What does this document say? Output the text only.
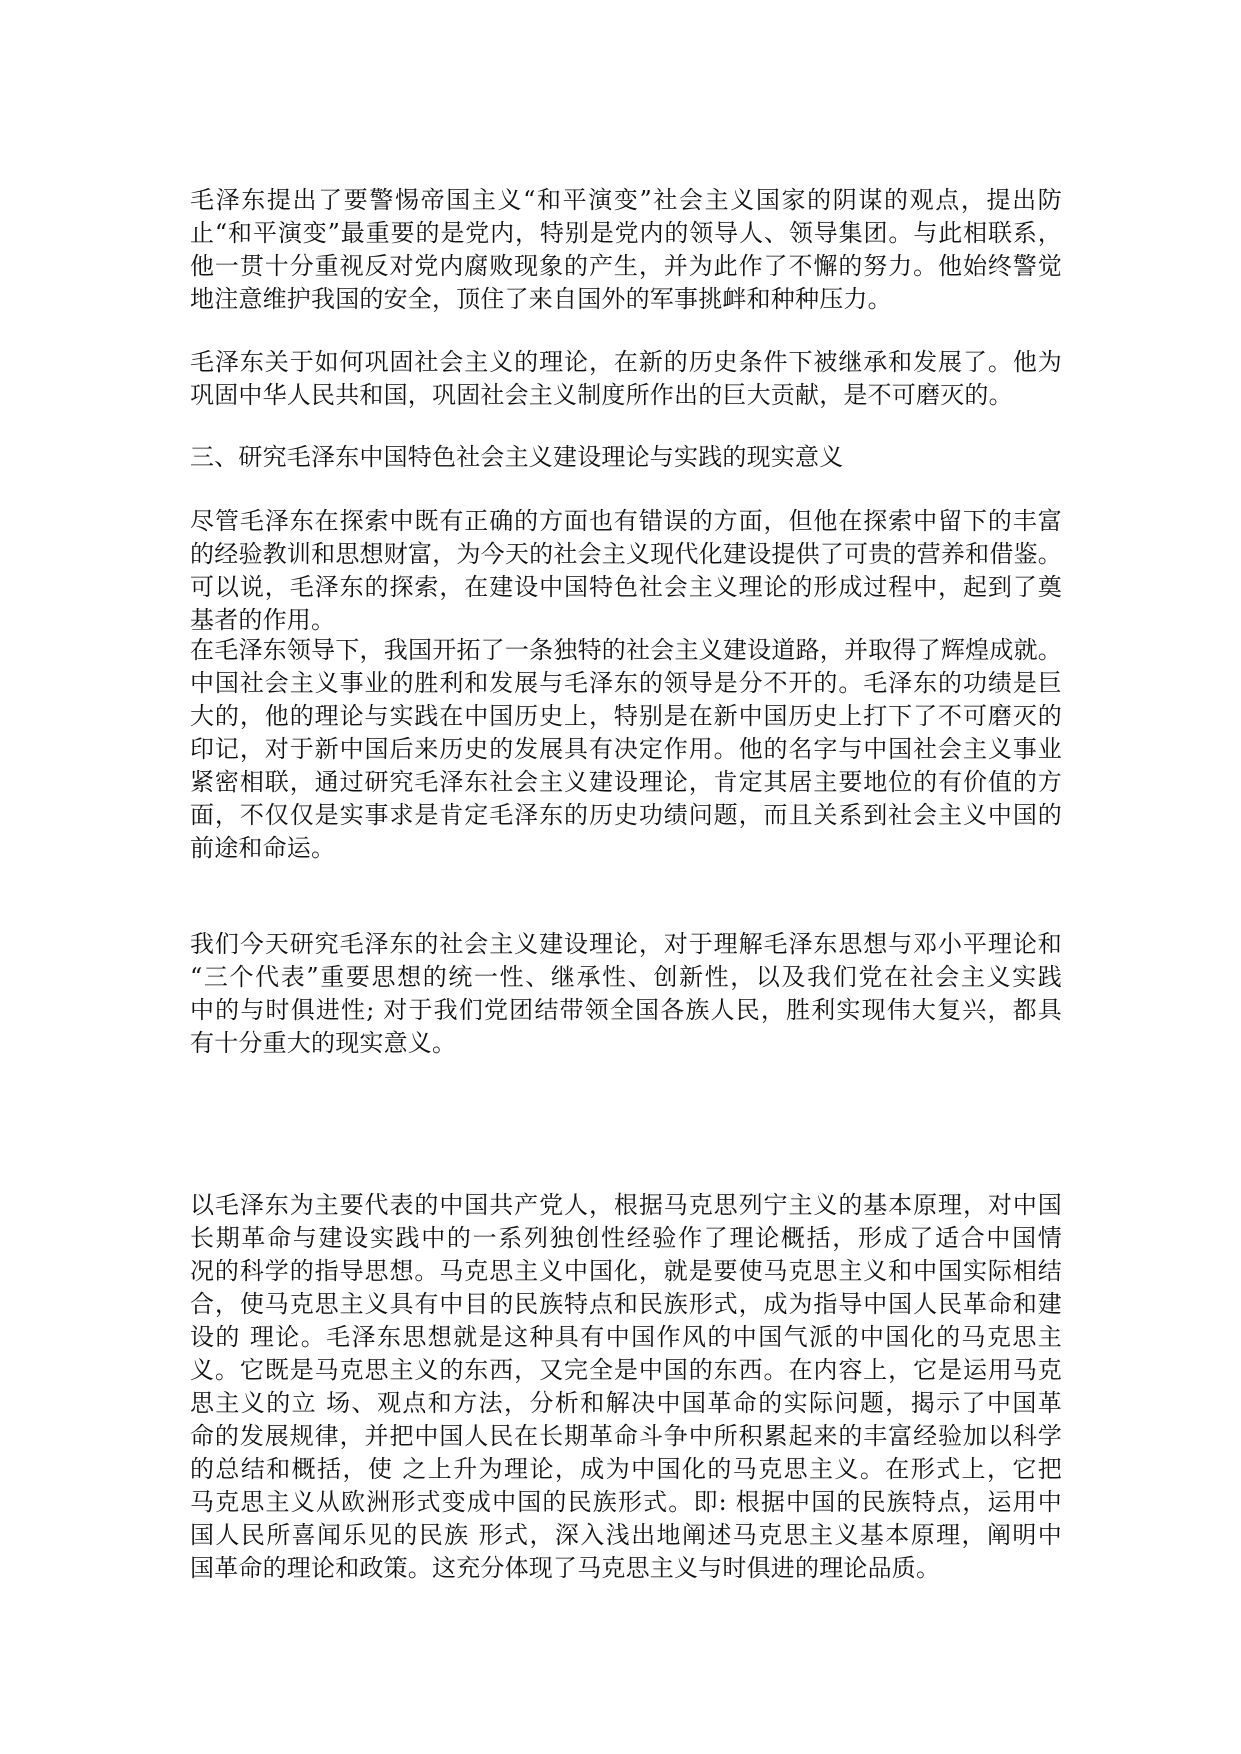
毛泽东提出了要警惕帝国主义“和平演变”社会主义国家的阴谋的观点，提出防
止“和平演变”最重要的是党内，特别是党内的领导人、领导集团。与此相联系，
他一贯十分重视反对党内腐败现象的产生，并为此作了不懈的努力。他始终警觉
地注意维护我国的安全，顶住了来自国外的军事挑衅和种种压力。
毛泽东关于如何巩固社会主义的理论，在新的历史条件下被继承和发展了。他为
巩固中华人民共和国，巩固社会主义制度所作出的巨大贡献，是不可磨灭的。
三、研究毛泽东中国特色社会主义建设理论与实践的现实意义
尽管毛泽东在探索中既有正确的方面也有错误的方面，但他在探索中留下的丰富
的经验教训和思想财富，为今天的社会主义现代化建设提供了可贵的营养和借鉴。
可以说，毛泽东的探索，在建设中国特色社会主义理论的形成过程中，起到了奠
基者的作用。
在毛泽东领导下，我国开拓了一条独特的社会主义建设道路，并取得了辉煌成就。
中国社会主义事业的胜利和发展与毛泽东的领导是分不开的。毛泽东的功绩是巨
大的，他的理论与实践在中国历史上，特别是在新中国历史上打下了不可磨灭的
印记，对于新中国后来历史的发展具有决定作用。他的名字与中国社会主义事业
紧密相联，通过研究毛泽东社会主义建设理论，肯定其居主要地位的有价值的方
面，不仅仅是实事求是肯定毛泽东的历史功绩问题，而且关系到社会主义中国的
前途和命运。
我们今天研究毛泽东的社会主义建设理论，对于理解毛泽东思想与邓小平理论和
“三个代表”重要思想的统一性、继承性、创新性，以及我们党在社会主义实践
中的与时俱进性; 对于我们党团结带领全国各族人民，胜利实现伟大复兴，都具
有十分重大的现实意义。
以毛泽东为主要代表的中国共产党人，根据马克思列宁主义的基本原理，对中国
长期革命与建设实践中的一系列独创性经验作了理论概括，形成了适合中国情
况的科学的指导思想。马克思主义中国化，就是要使马克思主义和中国实际相结
合，使马克思主义具有中目的民族特点和民族形式，成为指导中国人民革命和建
设的 理论。毛泽东思想就是这种具有中国作风的中国气派的中国化的马克思主
义。它既是马克思主义的东西，又完全是中国的东西。在内容上，它是运用马克
思主义的立 场、观点和方法，分析和解决中国革命的实际问题，揭示了中国革
命的发展规律，并把中国人民在长期革命斗争中所积累起来的丰富经验加以科学
的总结和概括，使 之上升为理论，成为中国化的马克思主义。在形式上，它把
马克思主义从欧洲形式变成中国的民族形式。即: 根据中国的民族特点，运用中
国人民所喜闻乐见的民族 形式，深入浅出地阐述马克思主义基本原理，阐明中
国革命的理论和政策。这充分体现了马克思主义与时俱进的理论品质。
